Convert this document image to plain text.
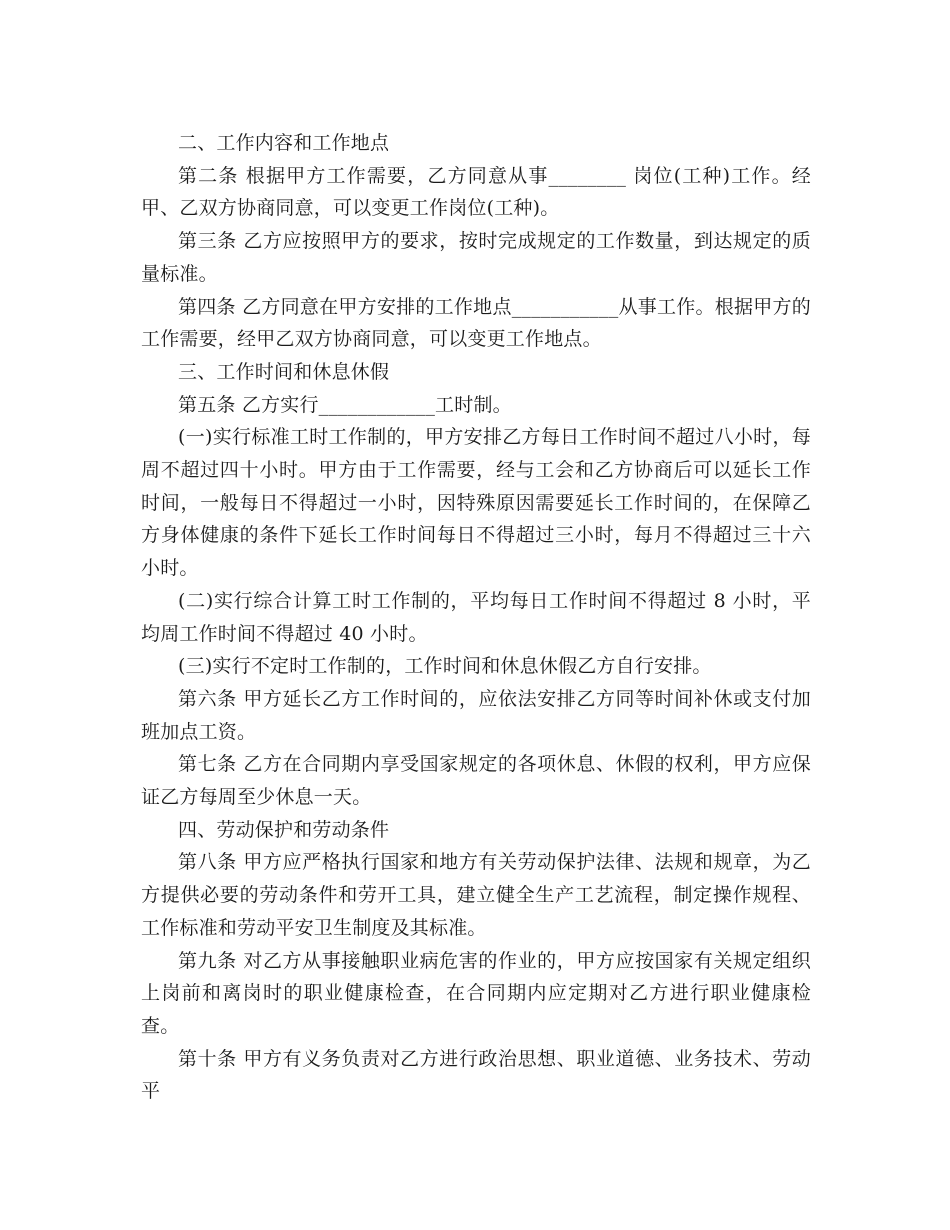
二、工作内容和工作地点

第二条 根据甲方工作需要，乙方同意从事________ 岗位(工种)工作。经甲、乙双方协商同意，可以变更工作岗位(工种)。

第三条 乙方应按照甲方的要求，按时完成规定的工作数量，到达规定的质量标准。

第四条 乙方同意在甲方安排的工作地点___________从事工作。根据甲方的工作需要，经甲乙双方协商同意，可以变更工作地点。

三、工作时间和休息休假

第五条 乙方实行____________工时制。

(一)实行标准工时工作制的，甲方安排乙方每日工作时间不超过八小时，每周不超过四十小时。甲方由于工作需要，经与工会和乙方协商后可以延长工作时间，一般每日不得超过一小时，因特殊原因需要延长工作时间的，在保障乙方身体健康的条件下延长工作时间每日不得超过三小时，每月不得超过三十六小时。

(二)实行综合计算工时工作制的，平均每日工作时间不得超过 8 小时，平均周工作时间不得超过 40 小时。

(三)实行不定时工作制的，工作时间和休息休假乙方自行安排。

第六条 甲方延长乙方工作时间的，应依法安排乙方同等时间补休或支付加班加点工资。

第七条 乙方在合同期内享受国家规定的各项休息、休假的权利，甲方应保证乙方每周至少休息一天。

四、劳动保护和劳动条件

第八条 甲方应严格执行国家和地方有关劳动保护法律、法规和规章，为乙方提供必要的劳动条件和劳开工具，建立健全生产工艺流程，制定操作规程、工作标准和劳动平安卫生制度及其标准。

第九条 对乙方从事接触职业病危害的作业的，甲方应按国家有关规定组织上岗前和离岗时的职业健康检查，在合同期内应定期对乙方进行职业健康检查。

第十条 甲方有义务负责对乙方进行政治思想、职业道德、业务技术、劳动平
